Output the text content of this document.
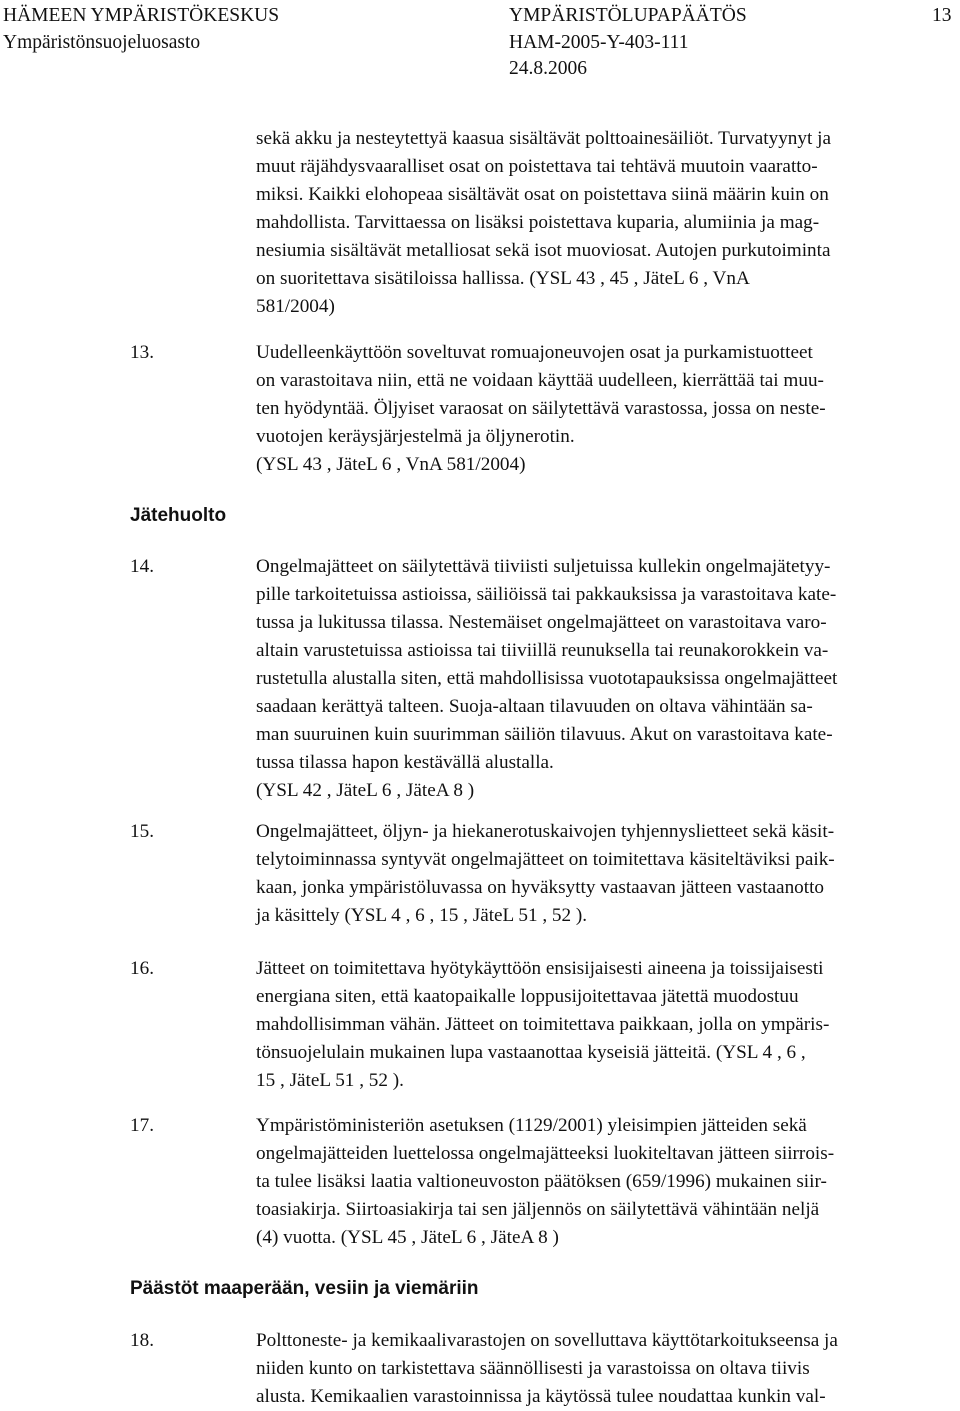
HÄMEEN YMPÄRISTÖKESKUS
Ympäristönsuojeluosasto
YMPÄRISTÖLUPAPÄÄTÖS
HAM-2005-Y-403-111
24.8.2006
13
sekä akku ja nesteytettyä kaasua sisältävät polttoainesäiliöt. Turvatyynyt ja
muut räjähdysvaaralliset osat on poistettava tai tehtävä muutoin vaaratto-
miksi. Kaikki elohopeaa sisältävät osat on poistettava siinä määrin kuin on
mahdollista. Tarvittaessa on lisäksi poistettava kuparia, alumiinia ja mag-
nesiumia sisältävät metalliosat sekä isot muoviosat. Autojen purkutoiminta
on suoritettava sisätiloissa hallissa. (YSL 43 , 45 , JäteL 6 , VnA
581/2004)
13.	Uudelleenkäyttöön soveltuvat romuajoneuvojen osat ja purkamistuotteet
on varastoitava niin, että ne voidaan käyttää uudelleen, kierrättää tai muu-
ten hyödyntää. Öljyiset varaosat on säilytettävä varastossa, jossa on neste-
vuotojen keräysjärjestelmä ja öljynerotin.
(YSL 43 , JäteL 6 , VnA 581/2004)
Jätehuolto
14.	Ongelmajätteet on säilytettävä tiiviisti suljetuissa kullekin ongelmajätetyy-
pille tarkoitetuissa astioissa, säiliöissä tai pakkauksissa ja varastoitava kate-
tussa ja lukitussa tilassa. Nestemäiset ongelmajätteet on varastoitava varo-
altain varustetuissa astioissa tai tiiviillä reunuksella tai reunakorokkein va-
rustetulla alustalla siten, että mahdollisissa vuototapauksissa ongelmajätteet
saadaan kerättyä talteen. Suoja-altaan tilavuuden on oltava vähintään sa-
man suuruinen kuin suurimman säiliön tilavuus. Akut on varastoitava kate-
tussa tilassa hapon kestävällä alustalla.
(YSL 42 , JäteL 6 , JäteA 8 )
15.	Ongelmajätteet, öljyn- ja hiekanerotuskaivojen tyhjennyslietteet sekä käsit-
telytoiminnassa syntyvät ongelmajätteet on toimitettava käsiteltäviksi paik-
kaan, jonka ympäristöluvassa on hyväksytty vastaavan jätteen vastaanotto
ja käsittely (YSL 4 , 6 , 15 , JäteL 51 , 52 ).
16.	Jätteet on toimitettava hyötykäyttöön ensisijaisesti aineena ja toissijaisesti
energiana siten, että kaatopaikalle loppusijoitettavaa jätettä muodostuu
mahdollisimman vähän. Jätteet on toimitettava paikkaan, jolla on ympäris-
tönsuojelulain mukainen lupa vastaanottaa kyseisiä jätteitä. (YSL 4 , 6 ,
15 , JäteL 51 , 52 ).
17.	Ympäristöministeriön asetuksen (1129/2001) yleisimpien jätteiden sekä
ongelmajätteiden luettelossa ongelmajätteeksi luokiteltavan jätteen siirrois-
ta tulee lisäksi laatia valtioneuvoston päätöksen (659/1996) mukainen siir-
toasiakirja. Siirtoasiakirja tai sen jäljennös on säilytettävä vähintään neljä
(4) vuotta. (YSL 45 , JäteL 6 , JäteA 8 )
Päästöt maaperään, vesiin ja viemäriin
18.	Polttoneste- ja kemikaalivarastojen on sovelluttava käyttötarkoitukseensa ja
niiden kunto on tarkistettava säännöllisesti ja varastoissa on oltava tiivis
alusta. Kemikaalien varastoinnissa ja käytössä tulee noudattaa kunkin val-
